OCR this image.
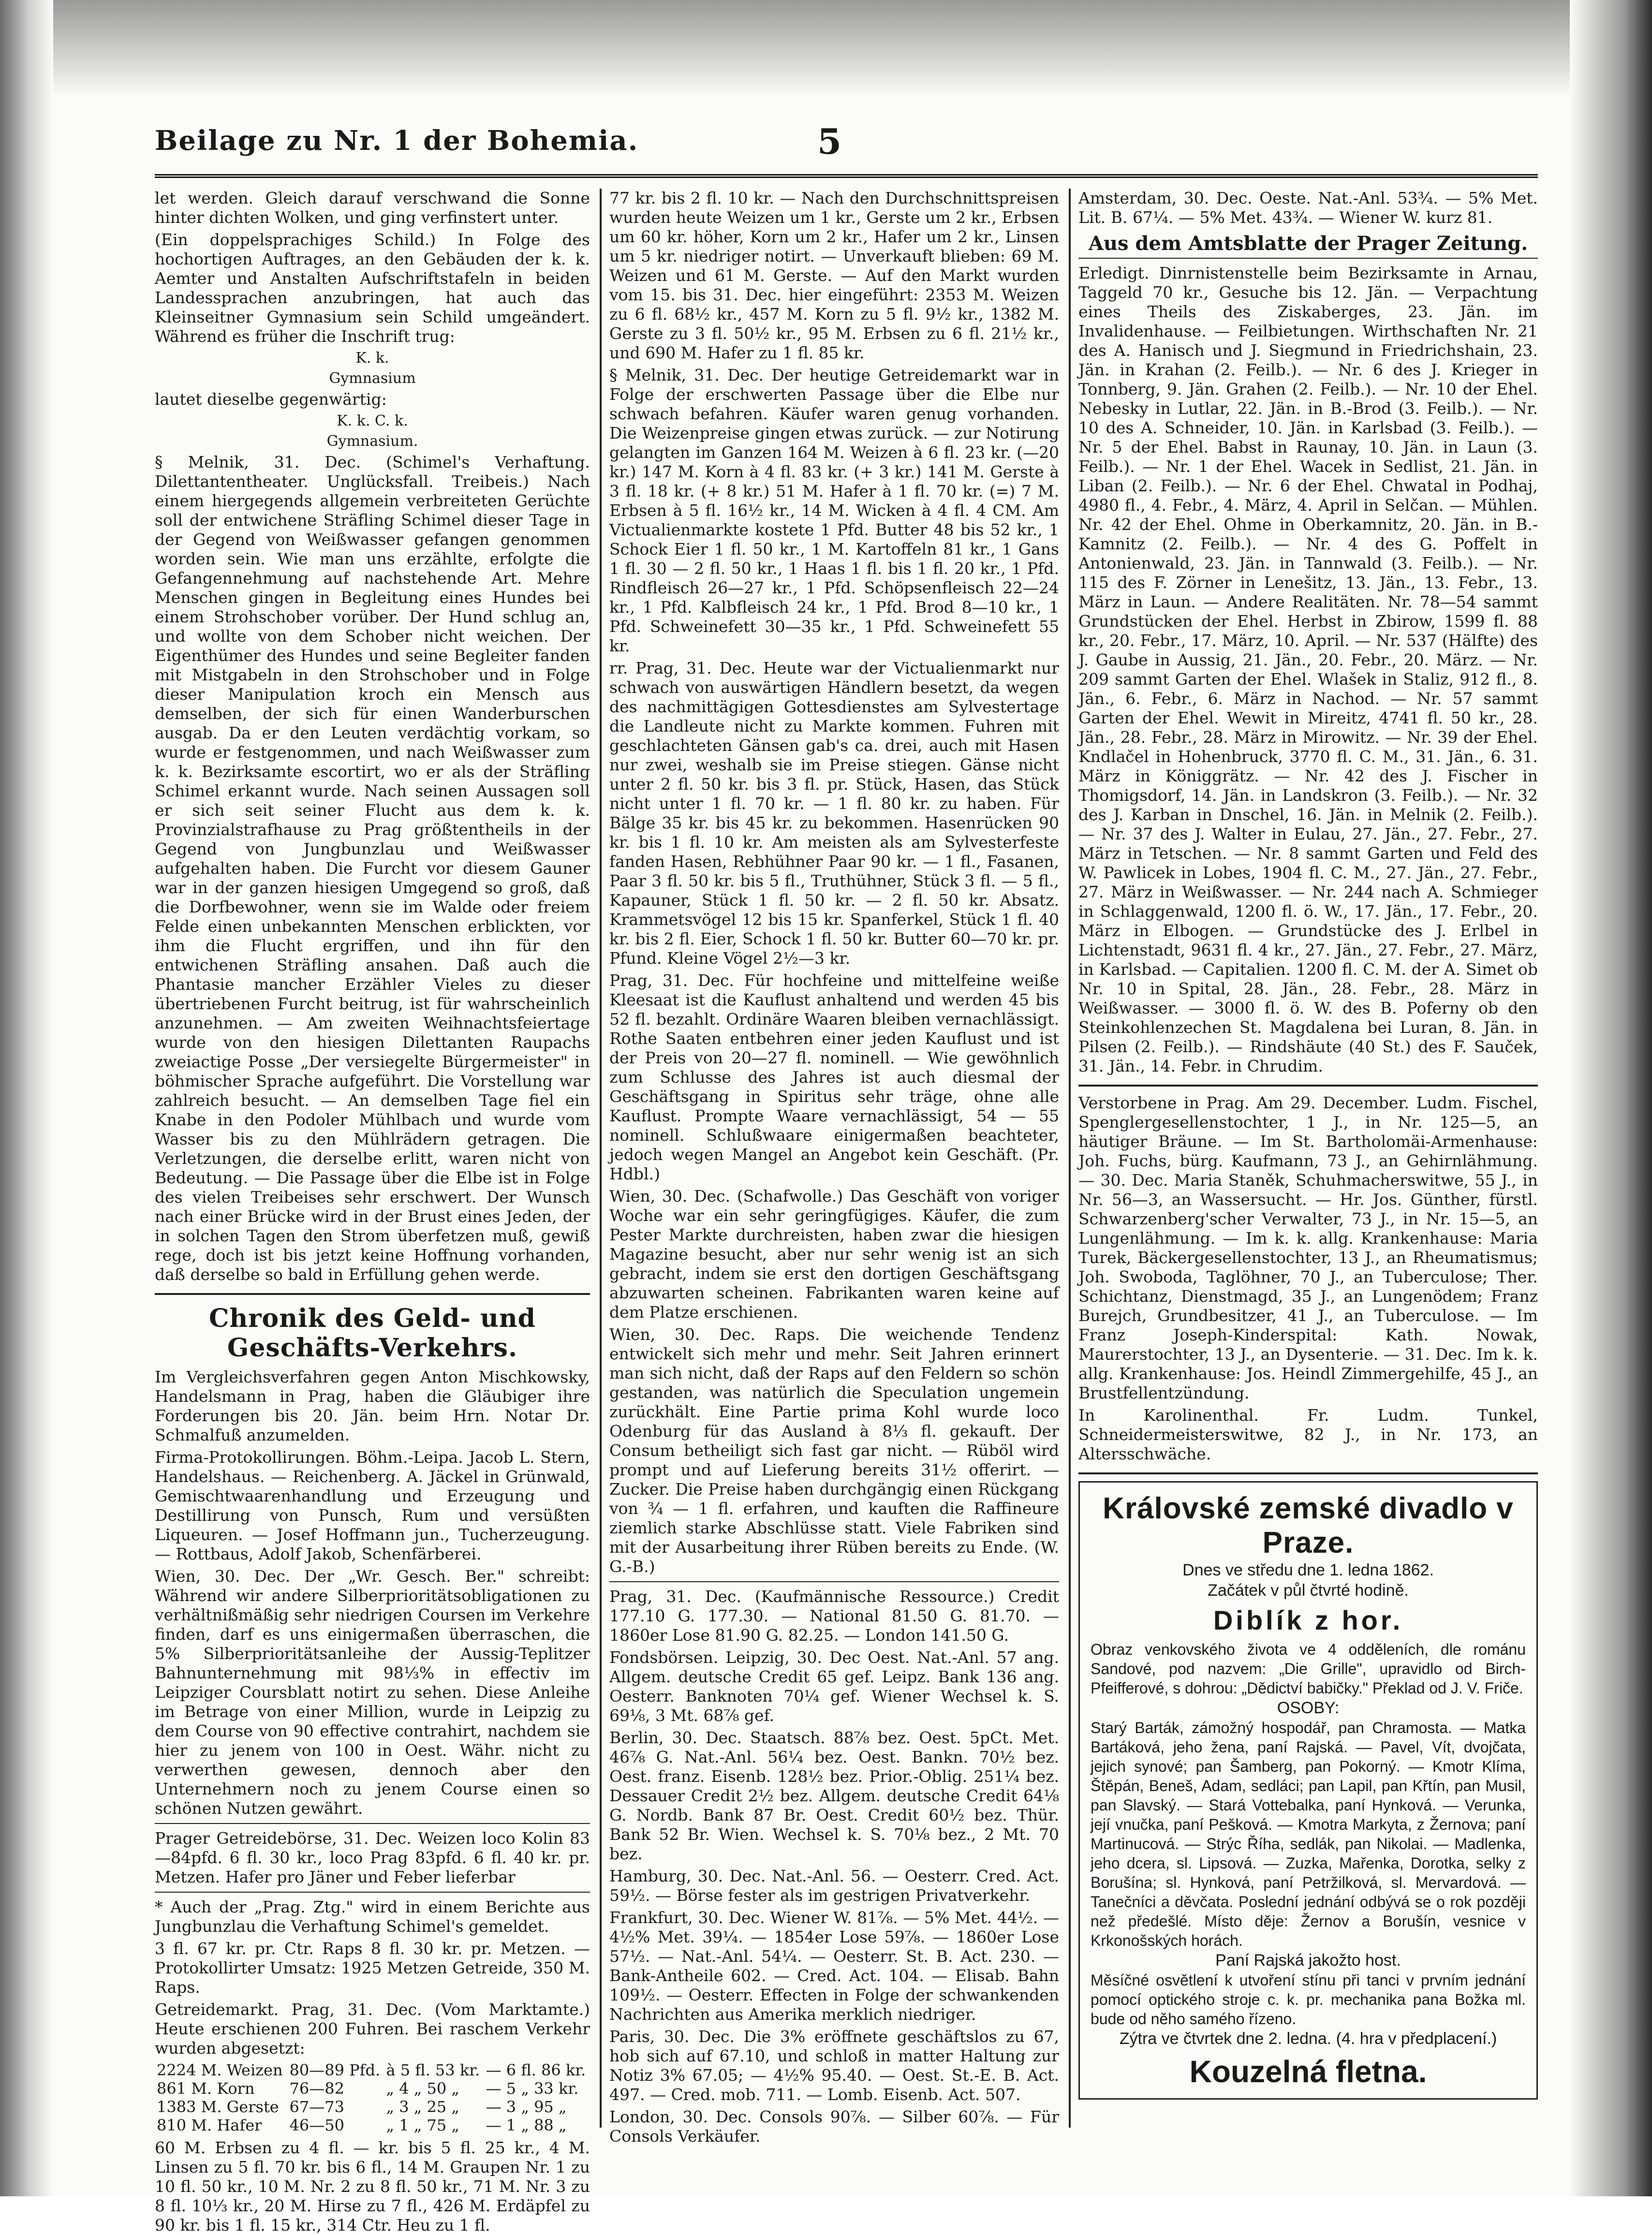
Beilage zu Nr. 1 der Bohemia.	5

let werden. Gleich darauf verschwand die Sonne hinter dichten Wolken, und ging verfinstert unter.

(Ein doppelsprachiges Schild.) In Folge des hochortigen Auftrages, an den Gebäuden der k. k. Aemter und Anstalten Aufschriftstafeln in beiden Landessprachen anzubringen, hat auch das Kleinseitner Gymnasium sein Schild umgeändert. Während es früher die Inschrift trug:

K. k.
Gymnasium

lautet dieselbe gegenwärtig:

K. k. C. k.
Gymnasium.

§ Melnik, 31. Dec. (Schimel's Verhaftung. Dilettantentheater. Unglücksfall. Treibeis.) Nach einem hiergegends allgemein verbreiteten Gerüchte soll der entwichene Sträfling Schimel dieser Tage in der Gegend von Weißwasser gefangen genommen worden sein. Wie man uns erzählte, erfolgte die Gefangennehmung auf nachstehende Art. Mehre Menschen gingen in Begleitung eines Hundes bei einem Strohschober vorüber. Der Hund schlug an, und wollte von dem Schober nicht weichen. Der Eigenthümer des Hundes und seine Begleiter fanden mit Mistgabeln in den Strohschober und in Folge dieser Manipulation kroch ein Mensch aus demselben, der sich für einen Wanderburschen ausgab. Da er den Leuten verdächtig vorkam, so wurde er festgenommen, und nach Weißwasser zum k. k. Bezirksamte escortirt, wo er als der Sträfling Schimel erkannt wurde. Nach seinen Aussagen soll er sich seit seiner Flucht aus dem k. k. Provinzialstrafhause zu Prag größtentheils in der Gegend von Jungbunzlau und Weißwasser aufgehalten haben. Die Furcht vor diesem Gauner war in der ganzen hiesigen Umgegend so groß, daß die Dorfbewohner, wenn sie im Walde oder freiem Felde einen unbekannten Menschen erblickten, vor ihm die Flucht ergriffen, und ihn für den entwichenen Sträfling ansahen. Daß auch die Phantasie mancher Erzähler Vieles zu dieser übertriebenen Furcht beitrug, ist für wahrscheinlich anzunehmen. — Am zweiten Weihnachtsfeiertage wurde von den hiesigen Dilettanten Raupachs zweiactige Posse „Der versiegelte Bürgermeister" in böhmischer Sprache aufgeführt. Die Vorstellung war zahlreich besucht. — An demselben Tage fiel ein Knabe in den Podoler Mühlbach und wurde vom Wasser bis zu den Mühlrädern getragen. Die Verletzungen, die derselbe erlitt, waren nicht von Bedeutung. — Die Passage über die Elbe ist in Folge des vielen Treibeises sehr erschwert. Der Wunsch nach einer Brücke wird in der Brust eines Jeden, der in solchen Tagen den Strom überfetzen muß, gewiß rege, doch ist bis jetzt keine Hoffnung vorhanden, daß derselbe so bald in Erfüllung gehen werde.

Chronik des Geld- und Geschäfts-Verkehrs.

Im Vergleichsverfahren gegen Anton Mischkowsky, Handelsmann in Prag, haben die Gläubiger ihre Forderungen bis 20. Jän. beim Hrn. Notar Dr. Schmalfuß anzumelden.

Firma-Protokollirungen. Böhm.-Leipa. Jacob L. Stern, Handelshaus. — Reichenberg. A. Jäckel in Grünwald, Gemischtwaarenhandlung und Erzeugung und Destillirung von Punsch, Rum und versüßten Liqueuren. — Josef Hoffmann jun., Tucherzeugung. — Rottbaus, Adolf Jakob, Schenfärberei.

Wien, 30. Dec. Der „Wr. Gesch. Ber." schreibt: Während wir andere Silberprioritätsobligationen zu verhältnißmäßig sehr niedrigen Coursen im Verkehre finden, darf es uns einigermaßen überraschen, die 5% Silberprioritätsanleihe der Aussig-Teplitzer Bahnunternehmung mit 98⅓% in effectiv im Leipziger Coursblatt notirt zu sehen. Diese Anleihe im Betrage von einer Million, wurde in Leipzig zu dem Course von 90 effective contrahirt, nachdem sie hier zu jenem von 100 in Oest. Währ. nicht zu verwerthen gewesen, dennoch aber den Unternehmern noch zu jenem Course einen so schönen Nutzen gewährt.

Prager Getreidebörse, 31. Dec. Weizen loco Kolin 83—84pfd. 6 fl. 30 kr., loco Prag 83pfd. 6 fl. 40 kr. pr. Metzen. Hafer pro Jäner und Feber lieferbar

* Auch der „Prag. Ztg." wird in einem Berichte aus Jungbunzlau die Verhaftung Schimel's gemeldet.

3 fl. 67 kr. pr. Ctr. Raps 8 fl. 30 kr. pr. Metzen. — Protokollirter Umsatz: 1925 Metzen Getreide, 350 M. Raps.

Getreidemarkt. Prag, 31. Dec. (Vom Marktamte.) Heute erschienen 200 Fuhren. Bei raschem Verkehr wurden abgesetzt:

2224 M. Weizen	80—89 Pfd.	à 5 fl. 53 kr.	— 6 fl. 86 kr.
861 M. Korn	76—82	„ 4 „ 50 „	— 5 „ 33 kr.
1383 M. Gerste	67—73	„ 3 „ 25 „	— 3 „ 95 „
810 M. Hafer	46—50	„ 1 „ 75 „	— 1 „ 88 „

60 M. Erbsen zu 4 fl. — kr. bis 5 fl. 25 kr., 4 M. Linsen zu 5 fl. 70 kr. bis 6 fl., 14 M. Graupen Nr. 1 zu 10 fl. 50 kr., 10 M. Nr. 2 zu 8 fl. 50 kr., 71 M. Nr. 3 zu 8 fl. 10⅓ kr., 20 M. Hirse zu 7 fl., 426 M. Erdäpfel zu 90 kr. bis 1 fl. 15 kr., 314 Ctr. Heu zu 1 fl.

77 kr. bis 2 fl. 10 kr. — Nach den Durchschnittspreisen wurden heute Weizen um 1 kr., Gerste um 2 kr., Erbsen um 60 kr. höher, Korn um 2 kr., Hafer um 2 kr., Linsen um 5 kr. niedriger notirt. — Unverkauft blieben: 69 M. Weizen und 61 M. Gerste. — Auf den Markt wurden vom 15. bis 31. Dec. hier eingeführt: 2353 M. Weizen zu 6 fl. 68½ kr., 457 M. Korn zu 5 fl. 9½ kr., 1382 M. Gerste zu 3 fl. 50½ kr., 95 M. Erbsen zu 6 fl. 21½ kr., und 690 M. Hafer zu 1 fl. 85 kr.

§ Melnik, 31. Dec. Der heutige Getreidemarkt war in Folge der erschwerten Passage über die Elbe nur schwach befahren. Käufer waren genug vorhanden. Die Weizenpreise gingen etwas zurück. — zur Notirung gelangten im Ganzen 164 M. Weizen à 6 fl. 23 kr. (—20 kr.) 147 M. Korn à 4 fl. 83 kr. (+ 3 kr.) 141 M. Gerste à 3 fl. 18 kr. (+ 8 kr.) 51 M. Hafer à 1 fl. 70 kr. (=) 7 M. Erbsen à 5 fl. 16½ kr., 14 M. Wicken à 4 fl. 4 CM. Am Victualienmarkte kostete 1 Pfd. Butter 48 bis 52 kr., 1 Schock Eier 1 fl. 50 kr., 1 M. Kartoffeln 81 kr., 1 Gans 1 fl. 30 — 2 fl. 50 kr., 1 Haas 1 fl. bis 1 fl. 20 kr., 1 Pfd. Rindfleisch 26—27 kr., 1 Pfd. Schöpsenfleisch 22—24 kr., 1 Pfd. Kalbfleisch 24 kr., 1 Pfd. Brod 8—10 kr., 1 Pfd. Schweinefett 30—35 kr., 1 Pfd. Schweinefett 55 kr.

rr. Prag, 31. Dec. Heute war der Victualienmarkt nur schwach von auswärtigen Händlern besetzt, da wegen des nachmittägigen Gottesdienstes am Sylvestertage die Landleute nicht zu Markte kommen. Fuhren mit geschlachteten Gänsen gab's ca. drei, auch mit Hasen nur zwei, weshalb sie im Preise stiegen. Gänse nicht unter 2 fl. 50 kr. bis 3 fl. pr. Stück, Hasen, das Stück nicht unter 1 fl. 70 kr. — 1 fl. 80 kr. zu haben. Für Bälge 35 kr. bis 45 kr. zu bekommen. Hasenrücken 90 kr. bis 1 fl. 10 kr. Am meisten als am Sylvesterfeste fanden Hasen, Rebhühner Paar 90 kr. — 1 fl., Fasanen, Paar 3 fl. 50 kr. bis 5 fl., Truthühner, Stück 3 fl. — 5 fl., Kapauner, Stück 1 fl. 50 kr. — 2 fl. 50 kr. Absatz. Krammetsvögel 12 bis 15 kr. Spanferkel, Stück 1 fl. 40 kr. bis 2 fl. Eier, Schock 1 fl. 50 kr. Butter 60—70 kr. pr. Pfund. Kleine Vögel 2½—3 kr.

Prag, 31. Dec. Für hochfeine und mittelfeine weiße Kleesaat ist die Kauflust anhaltend und werden 45 bis 52 fl. bezahlt. Ordinäre Waaren bleiben vernachlässigt. Rothe Saaten entbehren einer jeden Kauflust und ist der Preis von 20—27 fl. nominell. — Wie gewöhnlich zum Schlusse des Jahres ist auch diesmal der Geschäftsgang in Spiritus sehr träge, ohne alle Kauflust. Prompte Waare vernachlässigt, 54 — 55 nominell. Schlußwaare einigermaßen beachteter, jedoch wegen Mangel an Angebot kein Geschäft. (Pr. Hdbl.)

Wien, 30. Dec. (Schafwolle.) Das Geschäft von voriger Woche war ein sehr geringfügiges. Käufer, die zum Pester Markte durchreisten, haben zwar die hiesigen Magazine besucht, aber nur sehr wenig ist an sich gebracht, indem sie erst den dortigen Geschäftsgang abzuwarten scheinen. Fabrikanten waren keine auf dem Platze erschienen.

Wien, 30. Dec. Raps. Die weichende Tendenz entwickelt sich mehr und mehr. Seit Jahren erinnert man sich nicht, daß der Raps auf den Feldern so schön gestanden, was natürlich die Speculation ungemein zurückhält. Eine Partie prima Kohl wurde loco Odenburg für das Ausland à 8⅓ fl. gekauft. Der Consum betheiligt sich fast gar nicht. — Rüböl wird prompt und auf Lieferung bereits 31½ offerirt. — Zucker. Die Preise haben durchgängig einen Rückgang von ¾ — 1 fl. erfahren, und kauften die Raffineure ziemlich starke Abschlüsse statt. Viele Fabriken sind mit der Ausarbeitung ihrer Rüben bereits zu Ende. (W. G.-B.)

Prag, 31. Dec. (Kaufmännische Ressource.) Credit 177.10 G. 177.30. — National 81.50 G. 81.70. — 1860er Lose 81.90 G. 82.25. — London 141.50 G.

Fondsbörsen. Leipzig, 30. Dec Oest. Nat.-Anl. 57 ang. Allgem. deutsche Credit 65 gef. Leipz. Bank 136 ang. Oesterr. Banknoten 70¼ gef. Wiener Wechsel k. S. 69⅛, 3 Mt. 68⅞ gef.

Berlin, 30. Dec. Staatsch. 88⅞ bez. Oest. 5pCt. Met. 46⅞ G. Nat.-Anl. 56¼ bez. Oest. Bankn. 70½ bez. Oest. franz. Eisenb. 128½ bez. Prior.-Oblig. 251¼ bez. Dessauer Credit 2½ bez. Allgem. deutsche Credit 64⅛ G. Nordb. Bank 87 Br. Oest. Credit 60½ bez. Thür. Bank 52 Br. Wien. Wechsel k. S. 70⅛ bez., 2 Mt. 70 bez.

Hamburg, 30. Dec. Nat.-Anl. 56. — Oesterr. Cred. Act. 59½. — Börse fester als im gestrigen Privatverkehr.

Frankfurt, 30. Dec. Wiener W. 81⅞. — 5% Met. 44½. — 4½% Met. 39¼. — 1854er Lose 59⅞. — 1860er Lose 57½. — Nat.-Anl. 54¼. — Oesterr. St. B. Act. 230. — Bank-Antheile 602. — Cred. Act. 104. — Elisab. Bahn 109½. — Oesterr. Effecten in Folge der schwankenden Nachrichten aus Amerika merklich niedriger.

Paris, 30. Dec. Die 3% eröffnete geschäftslos zu 67, hob sich auf 67.10, und schloß in matter Haltung zur Notiz 3% 67.05; — 4½% 95.40. — Oest. St.-E. B. Act. 497. — Cred. mob. 711. — Lomb. Eisenb. Act. 507.

London, 30. Dec. Consols 90⅞. — Silber 60⅞. — Für Consols Verkäufer.

Amsterdam, 30. Dec. Oeste. Nat.-Anl. 53¾. — 5% Met. Lit. B. 67¼. — 5% Met. 43¾. — Wiener W. kurz 81.

Aus dem Amtsblatte der Prager Zeitung.

Erledigt. Dinrnistenstelle beim Bezirksamte in Arnau, Taggeld 70 kr., Gesuche bis 12. Jän. — Verpachtung eines Theils des Ziskaberges, 23. Jän. im Invalidenhause. — Feilbietungen. Wirthschaften Nr. 21 des A. Hanisch und J. Siegmund in Friedrichshain, 23. Jän. in Krahan (2. Feilb.). — Nr. 6 des J. Krieger in Tonnberg, 9. Jän. Grahen (2. Feilb.). — Nr. 10 der Ehel. Nebesky in Lutlar, 22. Jän. in B.-Brod (3. Feilb.). — Nr. 10 des A. Schneider, 10. Jän. in Karlsbad (3. Feilb.). — Nr. 5 der Ehel. Babst in Raunay, 10. Jän. in Laun (3. Feilb.). — Nr. 1 der Ehel. Wacek in Sedlist, 21. Jän. in Liban (2. Feilb.). — Nr. 6 der Ehel. Chwatal in Podhaj, 4980 fl., 4. Febr., 4. März, 4. April in Selčan. — Mühlen. Nr. 42 der Ehel. Ohme in Oberkamnitz, 20. Jän. in B.-Kamnitz (2. Feilb.). — Nr. 4 des G. Poffelt in Antonienwald, 23. Jän. in Tannwald (3. Feilb.). — Nr. 115 des F. Zörner in Lenešitz, 13. Jän., 13. Febr., 13. März in Laun. — Andere Realitäten. Nr. 78—54 sammt Grundstücken der Ehel. Herbst in Zbirow, 1599 fl. 88 kr., 20. Febr., 17. März, 10. April. — Nr. 537 (Hälfte) des J. Gaube in Aussig, 21. Jän., 20. Febr., 20. März. — Nr. 209 sammt Garten der Ehel. Wlašek in Staliz, 912 fl., 8. Jän., 6. Febr., 6. März in Nachod. — Nr. 57 sammt Garten der Ehel. Wewit in Mireitz, 4741 fl. 50 kr., 28. Jän., 28. Febr., 28. März in Mirowitz. — Nr. 39 der Ehel. Kndlačel in Hohenbruck, 3770 fl. C. M., 31. Jän., 6. 31. März in Königgrätz. — Nr. 42 des J. Fischer in Thomigsdorf, 14. Jän. in Landskron (3. Feilb.). — Nr. 32 des J. Karban in Dnschel, 16. Jän. in Melnik (2. Feilb.). — Nr. 37 des J. Walter in Eulau, 27. Jän., 27. Febr., 27. März in Tetschen. — Nr. 8 sammt Garten und Feld des W. Pawlicek in Lobes, 1904 fl. C. M., 27. Jän., 27. Febr., 27. März in Weißwasser. — Nr. 244 nach A. Schmieger in Schlaggenwald, 1200 fl. ö. W., 17. Jän., 17. Febr., 20. März in Elbogen. — Grundstücke des J. Erlbel in Lichtenstadt, 9631 fl. 4 kr., 27. Jän., 27. Febr., 27. März, in Karlsbad. — Capitalien. 1200 fl. C. M. der A. Simet ob Nr. 10 in Spital, 28. Jän., 28. Febr., 28. März in Weißwasser. — 3000 fl. ö. W. des B. Poferny ob den Steinkohlenzechen St. Magdalena bei Luran, 8. Jän. in Pilsen (2. Feilb.). — Rindshäute (40 St.) des F. Sauček, 31. Jän., 14. Febr. in Chrudim.

Verstorbene in Prag. Am 29. December. Ludm. Fischel, Spenglergesellenstochter, 1 J., in Nr. 125—5, an häutiger Bräune. — Im St. Bartholomäi-Armenhause: Joh. Fuchs, bürg. Kaufmann, 73 J., an Gehirnlähmung. — 30. Dec. Maria Staněk, Schuhmacherswitwe, 55 J., in Nr. 56—3, an Wassersucht. — Hr. Jos. Günther, fürstl. Schwarzenberg'scher Verwalter, 73 J., in Nr. 15—5, an Lungenlähmung. — Im k. k. allg. Krankenhause: Maria Turek, Bäckergesellenstochter, 13 J., an Rheumatismus; Joh. Swoboda, Taglöhner, 70 J., an Tuberculose; Ther. Schichtanz, Dienstmagd, 35 J., an Lungenödem; Franz Burejch, Grundbesitzer, 41 J., an Tuberculose. — Im Franz Joseph-Kinderspital: Kath. Nowak, Maurerstochter, 13 J., an Dysenterie. — 31. Dec. Im k. k. allg. Krankenhause: Jos. Heindl Zimmergehilfe, 45 J., an Brustfellentzündung.

In Karolinenthal. Fr. Ludm. Tunkel, Schneidermeisterswitwe, 82 J., in Nr. 173, an Altersschwäche.

Královské zemské divadlo v Praze.
Dnes ve středu dne 1. ledna 1862.
Začátek v půl čtvrté hodině.
Diblík z hor.
Obraz venkovského života ve 4 odděleních, dle románu Sandové, pod nazvem: „Die Grille", upravidlo od Birch-Pfeifferové, s dohrou: „Dědictví babičky." Překlad od J. V. Friče.
OSOBY:
Starý Barták, zámožný hospodář, pan Chramosta. — Matka Bartáková, jeho žena, paní Rajská. — Pavel, Vít, dvojčata, jejich synové; pan Šamberg, pan Pokorný. — Kmotr Klíma, Štěpán, Beneš, Adam, sedláci; pan Lapil, pan Křtín, pan Musil, pan Slavský. — Stará Vottebalka, paní Hynková. — Verunka, její vnučka, paní Pešková. — Kmotra Markyta, z Žernova; paní Martinucová. — Strýc Říha, sedlák, pan Nikolai. — Madlenka, jeho dcera, sl. Lipsová. — Zuzka, Mařenka, Dorotka, selky z Borušína; sl. Hynková, paní Petržilková, sl. Mervardová. — Tanečníci a děvčata. Poslední jednání odbývá se o rok později než předešlé. Místo děje: Žernov a Borušín, vesnice v Krkonošských horách.
Paní Rajská jakožto host.
Měsíčné osvětlení k utvoření stínu při tanci v prvním jednání pomocí optického stroje c. k. pr. mechanika pana Božka ml. bude od něho samého řízeno.
Zýtra ve čtvrtek dne 2. ledna. (4. hra v předplacení.)
Kouzelná fletna.
